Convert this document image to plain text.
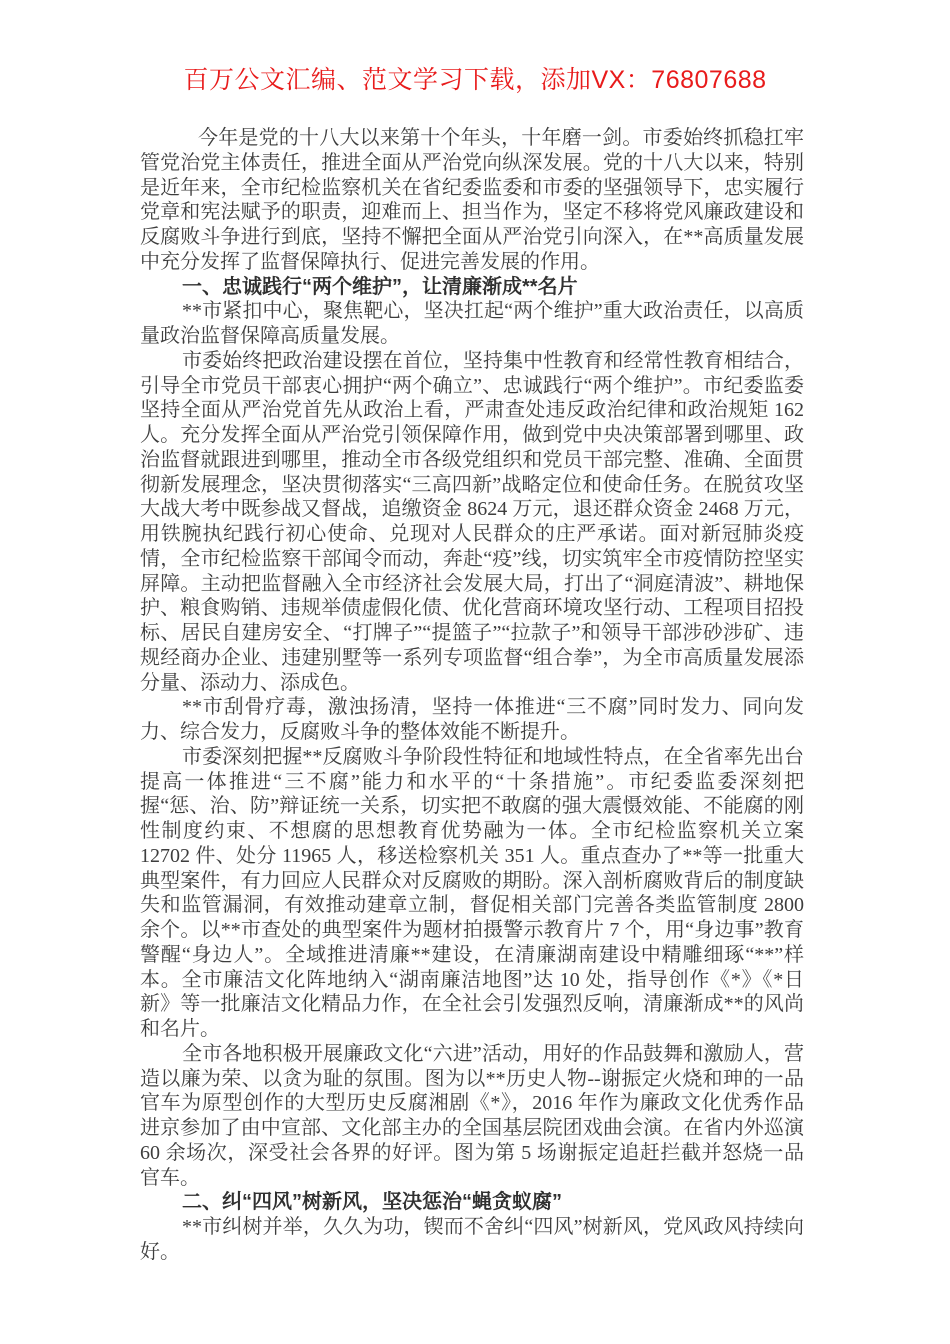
百万公文汇编、范文学习下载，添加VX：76807688

今年是党的十八大以来第十个年头，十年磨一剑。市委始终抓稳扛牢管党治党主体责任，推进全面从严治党向纵深发展。党的十八大以来，特别是近年来，全市纪检监察机关在省纪委监委和市委的坚强领导下，忠实履行党章和宪法赋予的职责，迎难而上、担当作为，坚定不移将党风廉政建设和反腐败斗争进行到底，坚持不懈把全面从严治党引向深入，在**高质量发展中充分发挥了监督保障执行、促进完善发展的作用。

一、忠诚践行“两个维护”，让清廉渐成**名片

**市紧扣中心，聚焦靶心，坚决扛起“两个维护”重大政治责任，以高质量政治监督保障高质量发展。

市委始终把政治建设摆在首位，坚持集中性教育和经常性教育相结合，引导全市党员干部衷心拥护“两个确立”、忠诚践行“两个维护”。市纪委监委坚持全面从严治党首先从政治上看，严肃查处违反政治纪律和政治规矩 162 人。充分发挥全面从严治党引领保障作用，做到党中央决策部署到哪里、政治监督就跟进到哪里，推动全市各级党组织和党员干部完整、准确、全面贯彻新发展理念，坚决贯彻落实“三高四新”战略定位和使命任务。在脱贫攻坚大战大考中既参战又督战，追缴资金 8624 万元，退还群众资金 2468 万元，用铁腕执纪践行初心使命、兑现对人民群众的庄严承诺。面对新冠肺炎疫情，全市纪检监察干部闻令而动，奔赴“疫”线，切实筑牢全市疫情防控坚实屏障。主动把监督融入全市经济社会发展大局，打出了“洞庭清波”、耕地保护、粮食购销、违规举债虚假化债、优化营商环境攻坚行动、工程项目招投标、居民自建房安全、“打牌子”“提篮子”“拉款子”和领导干部涉砂涉矿、违规经商办企业、违建别墅等一系列专项监督“组合拳”，为全市高质量发展添分量、添动力、添成色。

**市刮骨疗毒，激浊扬清，坚持一体推进“三不腐”同时发力、同向发力、综合发力，反腐败斗争的整体效能不断提升。

市委深刻把握**反腐败斗争阶段性特征和地域性特点，在全省率先出台提高一体推进“三不腐”能力和水平的“十条措施”。市纪委监委深刻把握“惩、治、防”辩证统一关系，切实把不敢腐的强大震慑效能、不能腐的刚性制度约束、不想腐的思想教育优势融为一体。全市纪检监察机关立案 12702 件、处分 11965 人，移送检察机关 351 人。重点查办了**等一批重大典型案件，有力回应人民群众对反腐败的期盼。深入剖析腐败背后的制度缺失和监管漏洞，有效推动建章立制，督促相关部门完善各类监管制度 2800 余个。以**市查处的典型案件为题材拍摄警示教育片 7 个，用“身边事”教育警醒“身边人”。全域推进清廉**建设，在清廉湖南建设中精雕细琢“**”样本。全市廉洁文化阵地纳入“湖南廉洁地图”达 10 处，指导创作《*》《*日新》等一批廉洁文化精品力作，在全社会引发强烈反响，清廉渐成**的风尚和名片。

全市各地积极开展廉政文化“六进”活动，用好的作品鼓舞和激励人，营造以廉为荣、以贪为耻的氛围。图为以**历史人物--谢振定火烧和珅的一品官车为原型创作的大型历史反腐湘剧《*》，2016 年作为廉政文化优秀作品进京参加了由中宣部、文化部主办的全国基层院团戏曲会演。在省内外巡演 60 余场次，深受社会各界的好评。图为第 5 场谢振定追赶拦截并怒烧一品官车。

二、纠“四风”树新风，坚决惩治“蝇贪蚁腐”

**市纠树并举，久久为功，锲而不舍纠“四风”树新风，党风政风持续向好。
